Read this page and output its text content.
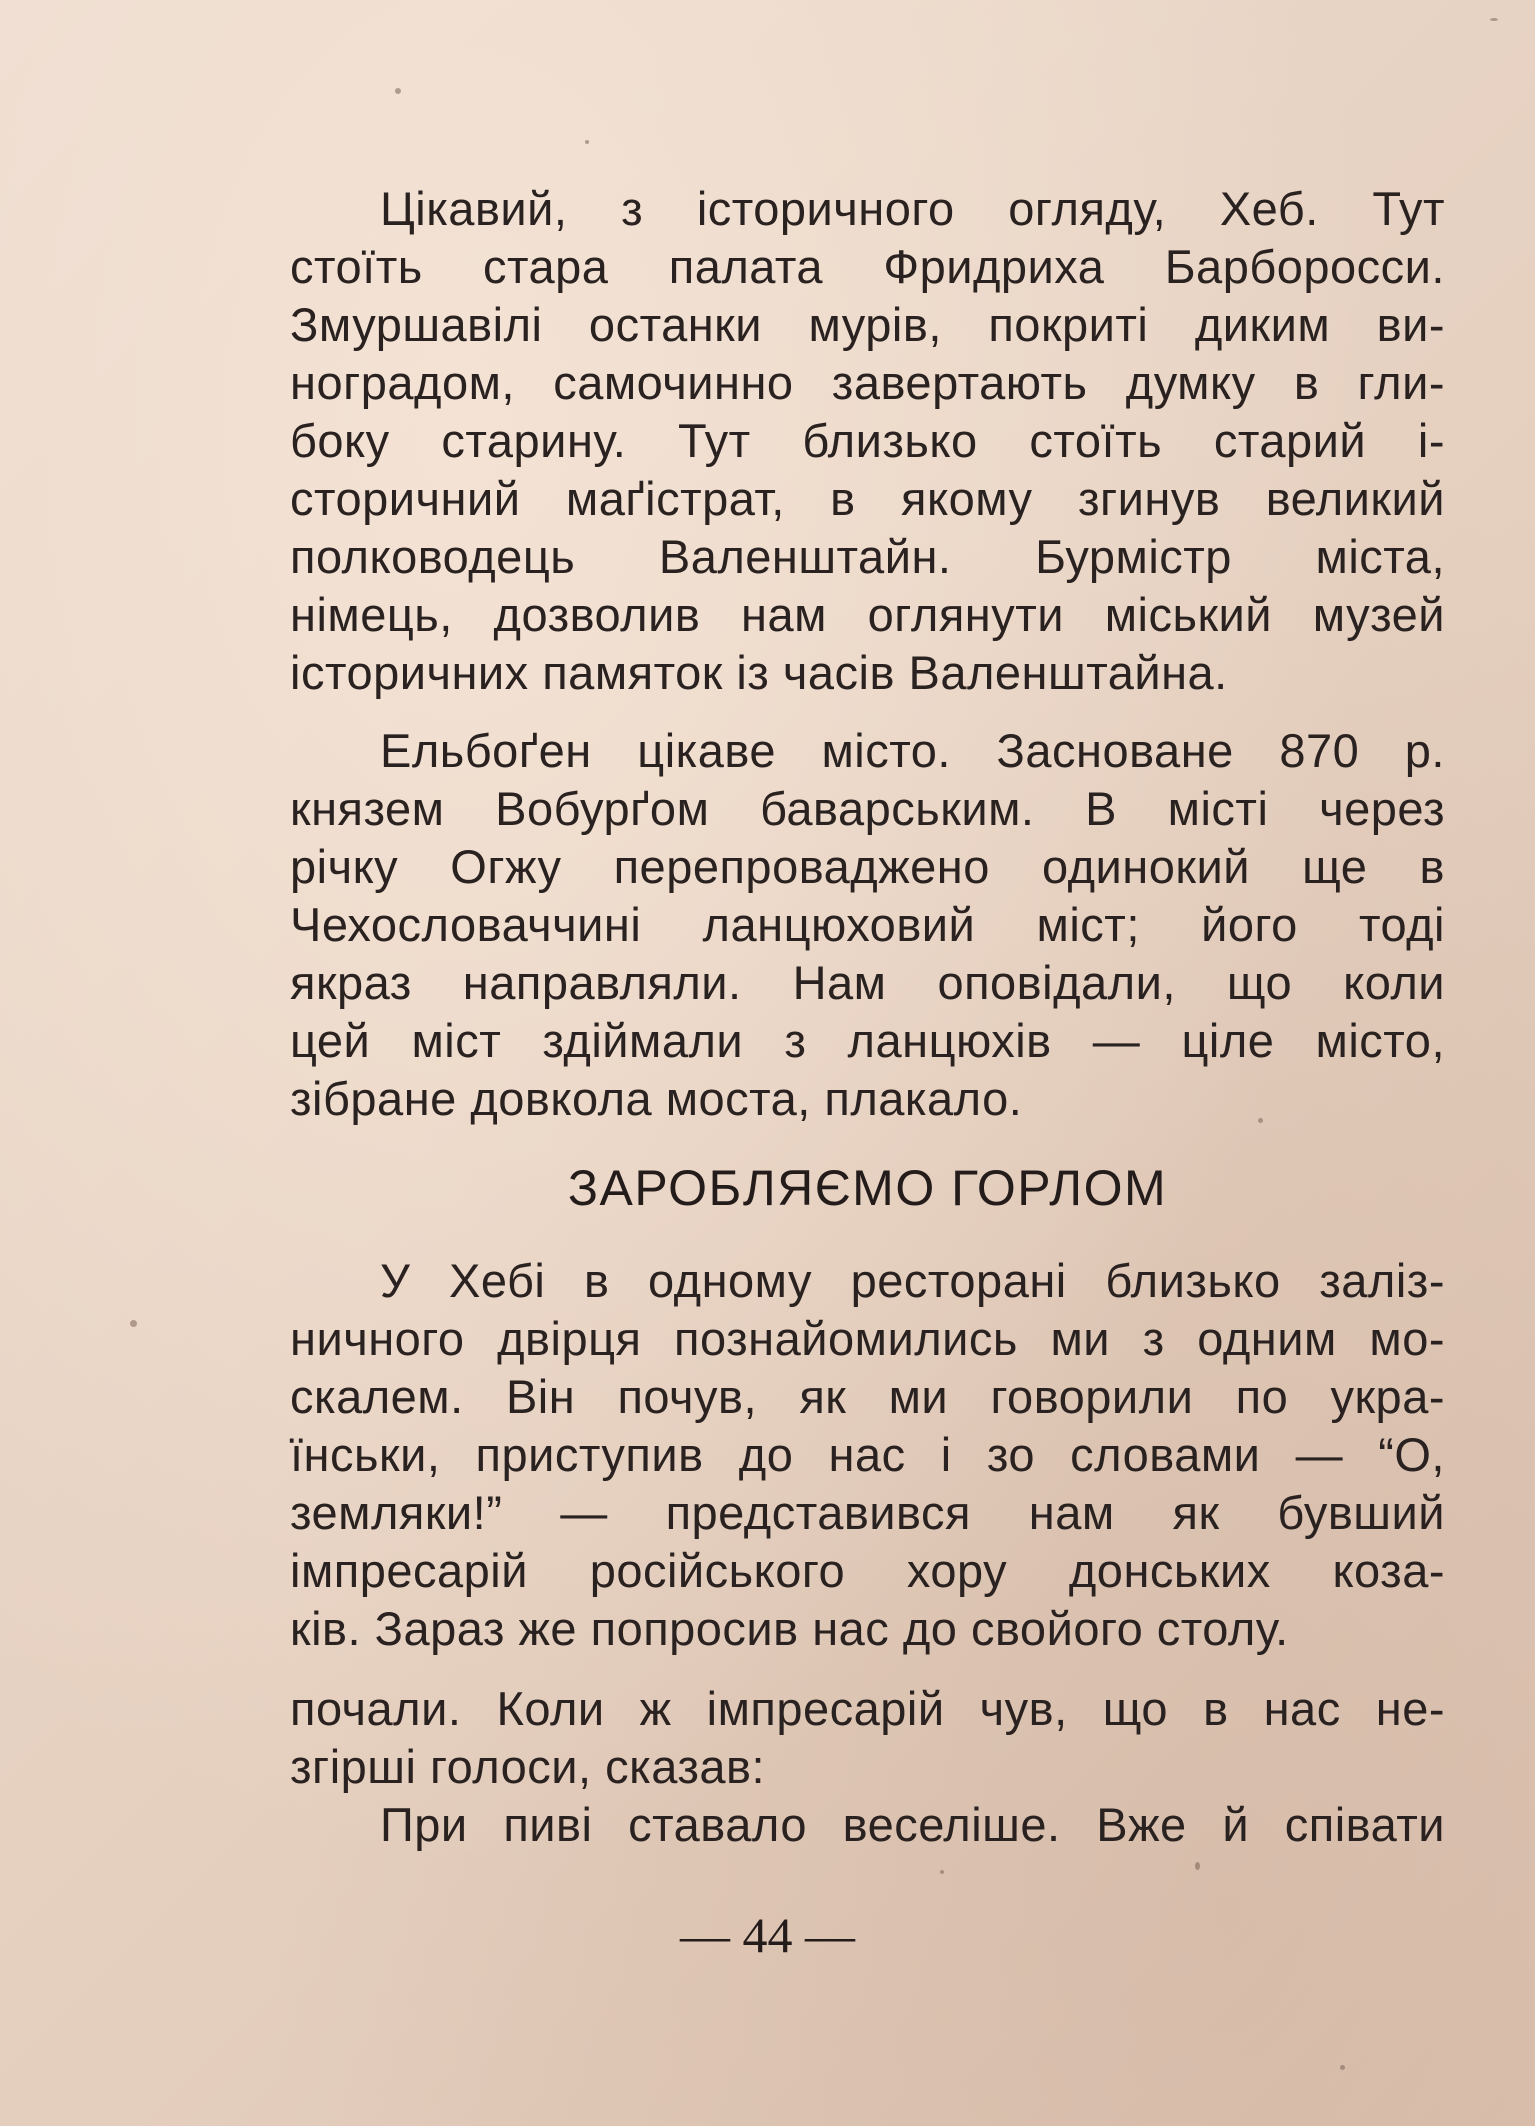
Цікавий, з історичного огляду, Хеб. Тут
стоїть стара палата Фридриха Барборосси.
Змуршавілі останки мурів, покриті диким ви-
ноградом, самочинно завертають думку в гли-
боку старину. Тут близько стоїть старий і-
сторичний маґістрат, в якому згинув великий
полководець Валенштайн. Бурмістр міста,
німець, дозволив нам оглянути міський музей
історичних памяток із часів Валенштайна.
Ельбоґен цікаве місто. Засноване 870 р.
князем Вобурґом баварським. В місті через
річку Огжу перепроваджено одинокий ще в
Чехословаччині ланцюховий міст; його тоді
якраз направляли. Нам оповідали, що коли
цей міст здіймали з ланцюхів — ціле місто,
зібране довкола моста, плакало.
ЗАРОБЛЯЄМО ГОРЛОМ
У Хебі в одному ресторані близько заліз-
ничного двірця познайомились ми з одним мо-
скалем. Він почув, як ми говорили по укра-
їнськи, приступив до нас і зо словами — “О,
земляки!” — представився нам як бувший
імпресарій російського хору донських коза-
ків. Зараз же попросив нас до свойого столу.
почали. Коли ж імпресарій чув, що в нас не-
згірші голоси, сказав:
При пиві ставало веселіше. Вже й співати
— 44 —
